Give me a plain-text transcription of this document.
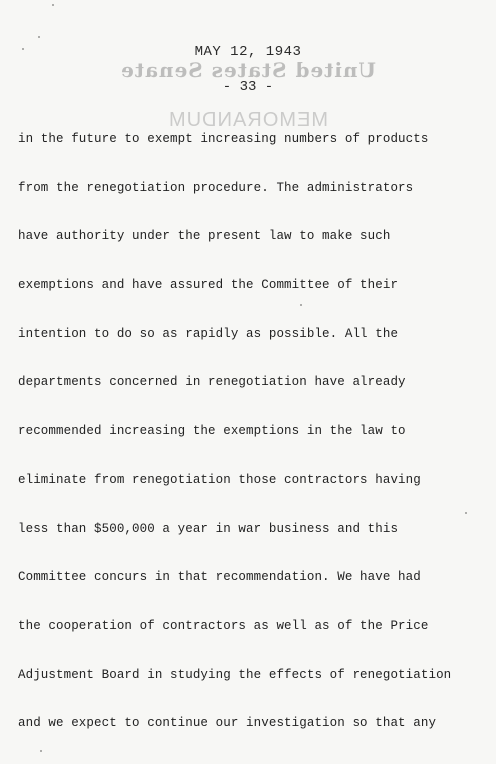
MAY 12, 1943
United States Senate
- 33 -
MEMORANDUM
in the future to exempt increasing numbers of products
from the renegotiation procedure. The administrators
have authority under the present law to make such
exemptions and have assured the Committee of their
intention to do so as rapidly as possible. All the
departments concerned in renegotiation have already
recommended increasing the exemptions in the law to
eliminate from renegotiation those contractors having
less than $500,000 a year in war business and this
Committee concurs in that recommendation. We have had
the cooperation of contractors as well as of the Price
Adjustment Board in studying the effects of renegotiation
and we expect to continue our investigation so that any
